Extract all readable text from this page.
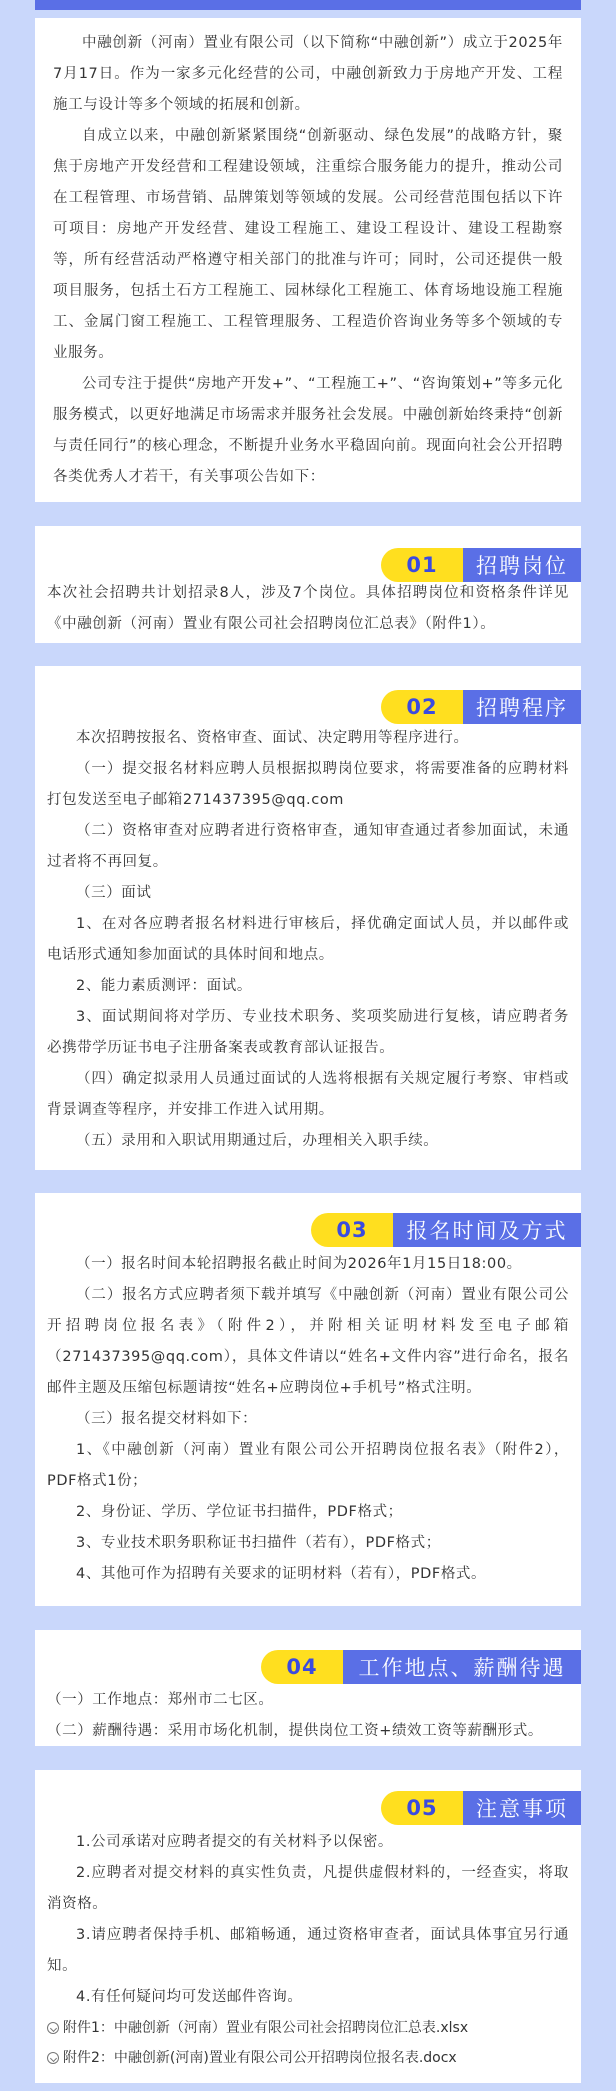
中融创新（河南）置业有限公司（以下简称“中融创新”）成立于2025年7月17日。作为一家多元化经营的公司，中融创新致力于房地产开发、工程施工与设计等多个领域的拓展和创新。

自成立以来，中融创新紧紧围绕“创新驱动、绿色发展”的战略方针，聚焦于房地产开发经营和工程建设领域，注重综合服务能力的提升，推动公司在工程管理、市场营销、品牌策划等领域的发展。公司经营范围包括以下许可项目：房地产开发经营、建设工程施工、建设工程设计、建设工程勘察等，所有经营活动严格遵守相关部门的批准与许可；同时，公司还提供一般项目服务，包括土石方工程施工、园林绿化工程施工、体育场地设施工程施工、金属门窗工程施工、工程管理服务、工程造价咨询业务等多个领域的专业服务。

公司专注于提供“房地产开发+”、“工程施工+”、“咨询策划+”等多元化服务模式，以更好地满足市场需求并服务社会发展。中融创新始终秉持“创新与责任同行”的核心理念，不断提升业务水平稳固向前。现面向社会公开招聘各类优秀人才若干，有关事项公告如下：

01	招聘岗位

本次社会招聘共计划招录8人，涉及7个岗位。具体招聘岗位和资格条件详见《中融创新（河南）置业有限公司社会招聘岗位汇总表》（附件1）。

02	招聘程序

本次招聘按报名、资格审查、面试、决定聘用等程序进行。

（一）提交报名材料应聘人员根据拟聘岗位要求，将需要准备的应聘材料打包发送至电子邮箱271437395@qq.com

（二）资格审查对应聘者进行资格审查，通知审查通过者参加面试，未通过者将不再回复。

（三）面试

1、在对各应聘者报名材料进行审核后，择优确定面试人员，并以邮件或电话形式通知参加面试的具体时间和地点。

2、能力素质测评：面试。

3、面试期间将对学历、专业技术职务、奖项奖励进行复核，请应聘者务必携带学历证书电子注册备案表或教育部认证报告。

（四）确定拟录用人员通过面试的人选将根据有关规定履行考察、审档或背景调查等程序，并安排工作进入试用期。

（五）录用和入职试用期通过后，办理相关入职手续。

03	报名时间及方式

（一）报名时间本轮招聘报名截止时间为2026年1月15日18:00。

（二）报名方式应聘者须下载并填写《中融创新（河南）置业有限公司公开招聘岗位报名表》（附件2），并附相关证明材料发至电子邮箱（271437395@qq.com），具体文件请以“姓名+文件内容”进行命名，报名邮件主题及压缩包标题请按“姓名+应聘岗位+手机号”格式注明。

（三）报名提交材料如下：

1、《中融创新（河南）置业有限公司公开招聘岗位报名表》（附件2），PDF格式1份；

2、身份证、学历、学位证书扫描件，PDF格式；

3、专业技术职务职称证书扫描件（若有），PDF格式；

4、其他可作为招聘有关要求的证明材料（若有），PDF格式。

04	工作地点、薪酬待遇

（一）工作地点：郑州市二七区。

（二）薪酬待遇：采用市场化机制，提供岗位工资+绩效工资等薪酬形式。

05	注意事项

1.公司承诺对应聘者提交的有关材料予以保密。

2.应聘者对提交材料的真实性负责，凡提供虚假材料的，一经查实，将取消资格。

3.请应聘者保持手机、邮箱畅通，通过资格审查者，面试具体事宜另行通知。

4.有任何疑问均可发送邮件咨询。

附件1：中融创新（河南）置业有限公司社会招聘岗位汇总表.xlsx
附件2：中融创新(河南)置业有限公司公开招聘岗位报名表.docx
